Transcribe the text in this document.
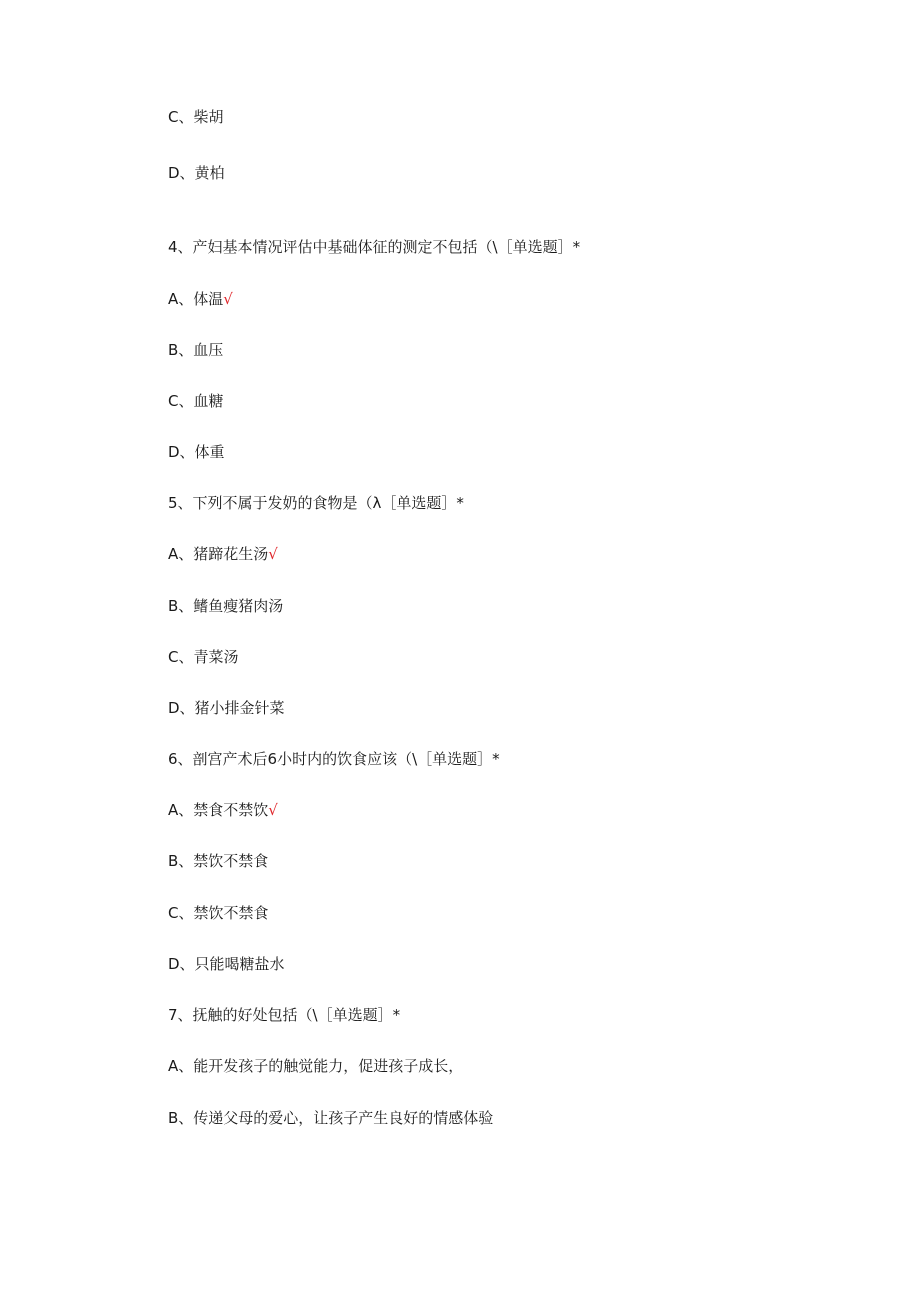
C、柴胡
D、黄柏
4、产妇基本情况评估中基础体征的测定不包括（\［单选题］*
A、体温√
B、血压
C、血糖
D、体重
5、下列不属于发奶的食物是（λ［单选题］*
A、猪蹄花生汤√
B、鳍鱼瘦猪肉汤
C、青菜汤
D、猪小排金针菜
6、剖宫产术后6小时内的饮食应该（\［单选题］*
A、禁食不禁饮√
B、禁饮不禁食
C、禁饮不禁食
D、只能喝糖盐水
7、抚触的好处包括（\［单选题］*
A、能开发孩子的触觉能力，促进孩子成长，
B、传递父母的爱心，让孩子产生良好的情感体验
